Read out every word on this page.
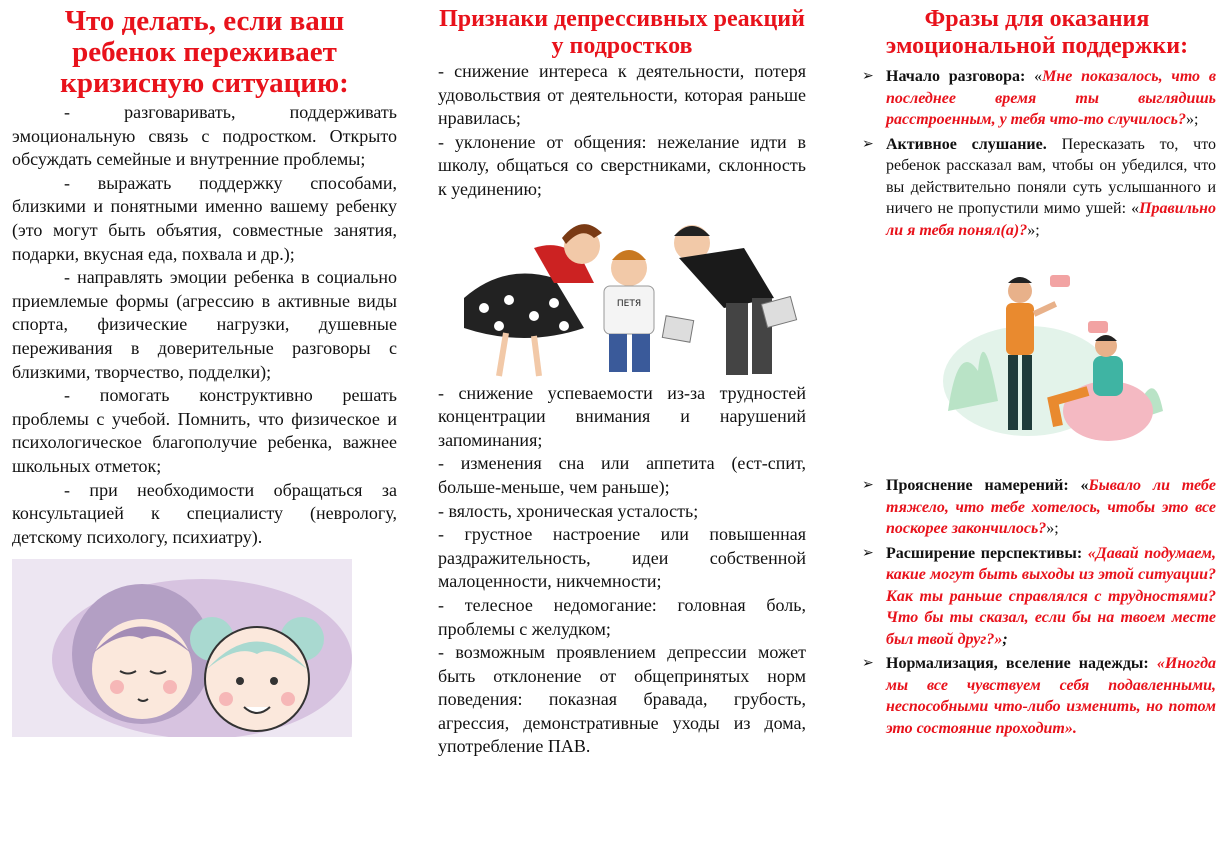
Что делать, если ваш ребенок переживает кризисную ситуацию:

- разговаривать, поддерживать эмоциональную связь с подростком. Открыто обсуждать семейные и внутренние проблемы;

- выражать поддержку способами, близкими и понятными именно вашему ребенку (это могут быть объятия, совместные занятия, подарки, вкусная еда, похвала и др.);

- направлять эмоции ребенка в социально приемлемые формы (агрессию в активные виды спорта, физические нагрузки, душевные переживания в доверительные разговоры с близкими, творчество, подделки);

- помогать конструктивно решать проблемы с учебой. Помнить, что физическое и психологическое благополучие ребенка, важнее школьных отметок;

- при необходимости обращаться за консультацией к специалисту (неврологу, детскому психологу, психиатру).

Признаки депрессивных реакций у подростков

- снижение интереса к деятельности, потеря удовольствия от деятельности, которая раньше нравилась;

- уклонение от общения: нежелание идти в школу, общаться со сверстниками, склонность к уединению;

ПЕТЯ

- снижение успеваемости из-за трудностей концентрации внимания и нарушений запоминания;

- изменения сна или аппетита (ест-спит, больше-меньше, чем раньше);

- вялость, хроническая усталость;

- грустное настроение или повышенная раздражительность, идеи собственной малоценности, никчемности;

- телесное недомогание: головная боль, проблемы с желудком;

- возможным проявлением депрессии может быть отклонение от общепринятых норм поведения: показная бравада, грубость, агрессия, демонстративные уходы из дома, употребление ПАВ.

Фразы для оказания эмоциональной поддержки:
➢ Начало разговора: «Мне показалось, что в последнее время ты выглядишь расстроенным, у тебя что-то случилось?»;
➢ Активное слушание. Пересказать то, что ребенок рассказал вам, чтобы он убедился, что вы действительно поняли суть услышанного и ничего не пропустили мимо ушей: «Правильно ли я тебя понял(а)?»;
➢ Прояснение намерений: «Бывало ли тебе тяжело, что тебе хотелось, чтобы это все поскорее закончилось?»;
➢ Расширение перспективы: «Давай подумаем, какие могут быть выходы из этой ситуации? Как ты раньше справлялся с трудностями? Что бы ты сказал, если бы на твоем месте был твой друг?»;
➢ Нормализация, вселение надежды: «Иногда мы все чувствуем себя подавленными, неспособными что-либо изменить, но потом это состояние проходит».
